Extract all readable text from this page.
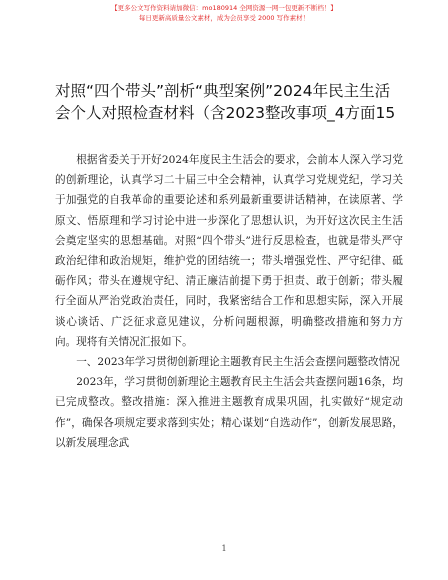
【更多公文写作资料请加微信：mo180914 全网资源一网一包更新不断档！】
每日更新高质量公文素材，成为会员享受 2000 写作素材！
对照“四个带头”剖析“典型案例”2024年民主生活会个人对照检查材料（含2023整改事项_4方面15

根据省委关于开好2024年度民主生活会的要求，会前本人深入学习党的创新理论，认真学习二十届三中全会精神，认真学习党规党纪，学习关于加强党的自我革命的重要论述和系列最新重要讲话精神，在读原著、学原文、悟原理和学习讨论中进一步深化了思想认识，为开好这次民主生活会奠定坚实的思想基础。对照“四个带头”进行反思检查，也就是带头严守政治纪律和政治规矩，维护党的团结统一；带头增强党性、严守纪律、砥砺作风；带头在遵规守纪、清正廉洁前提下勇于担责、敢于创新；带头履行全面从严治党政治责任，同时，我紧密结合工作和思想实际，深入开展谈心谈话、广泛征求意见建议，分析问题根源，明确整改措施和努力方向。现将有关情况汇报如下。

一、2023年学习贯彻创新理论主题教育民主生活会查摆问题整改情况

2023年，学习贯彻创新理论主题教育民主生活会共查摆问题16条，均已完成整改。整改措施：深入推进主题教育成果巩固，扎实做好“规定动作”，确保各项规定要求落到实处；精心谋划“自选动作”，创新发展思路，以新发展理念武

1
